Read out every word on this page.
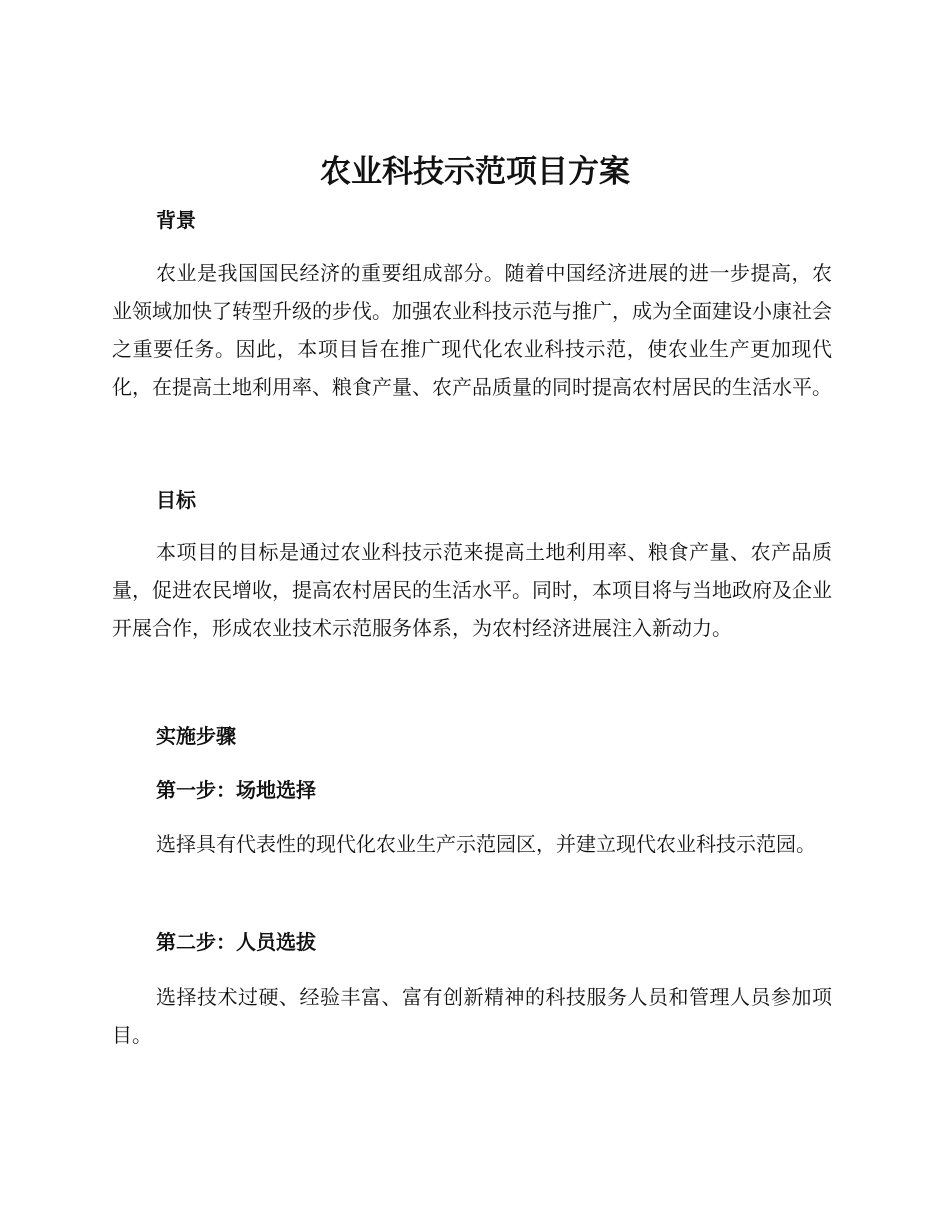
农业科技示范项目方案
背景

农业是我国国民经济的重要组成部分。随着中国经济进展的进一步提高，农业领域加快了转型升级的步伐。加强农业科技示范与推广，成为全面建设小康社会之重要任务。因此，本项目旨在推广现代化农业科技示范，使农业生产更加现代化，在提高土地利用率、粮食产量、农产品质量的同时提高农村居民的生活水平。

目标

本项目的目标是通过农业科技示范来提高土地利用率、粮食产量、农产品质量，促进农民增收，提高农村居民的生活水平。同时，本项目将与当地政府及企业开展合作，形成农业技术示范服务体系，为农村经济进展注入新动力。

实施步骤
第一步：场地选择

选择具有代表性的现代化农业生产示范园区，并建立现代农业科技示范园。

第二步：人员选拔

选择技术过硬、经验丰富、富有创新精神的科技服务人员和管理人员参加项目。
